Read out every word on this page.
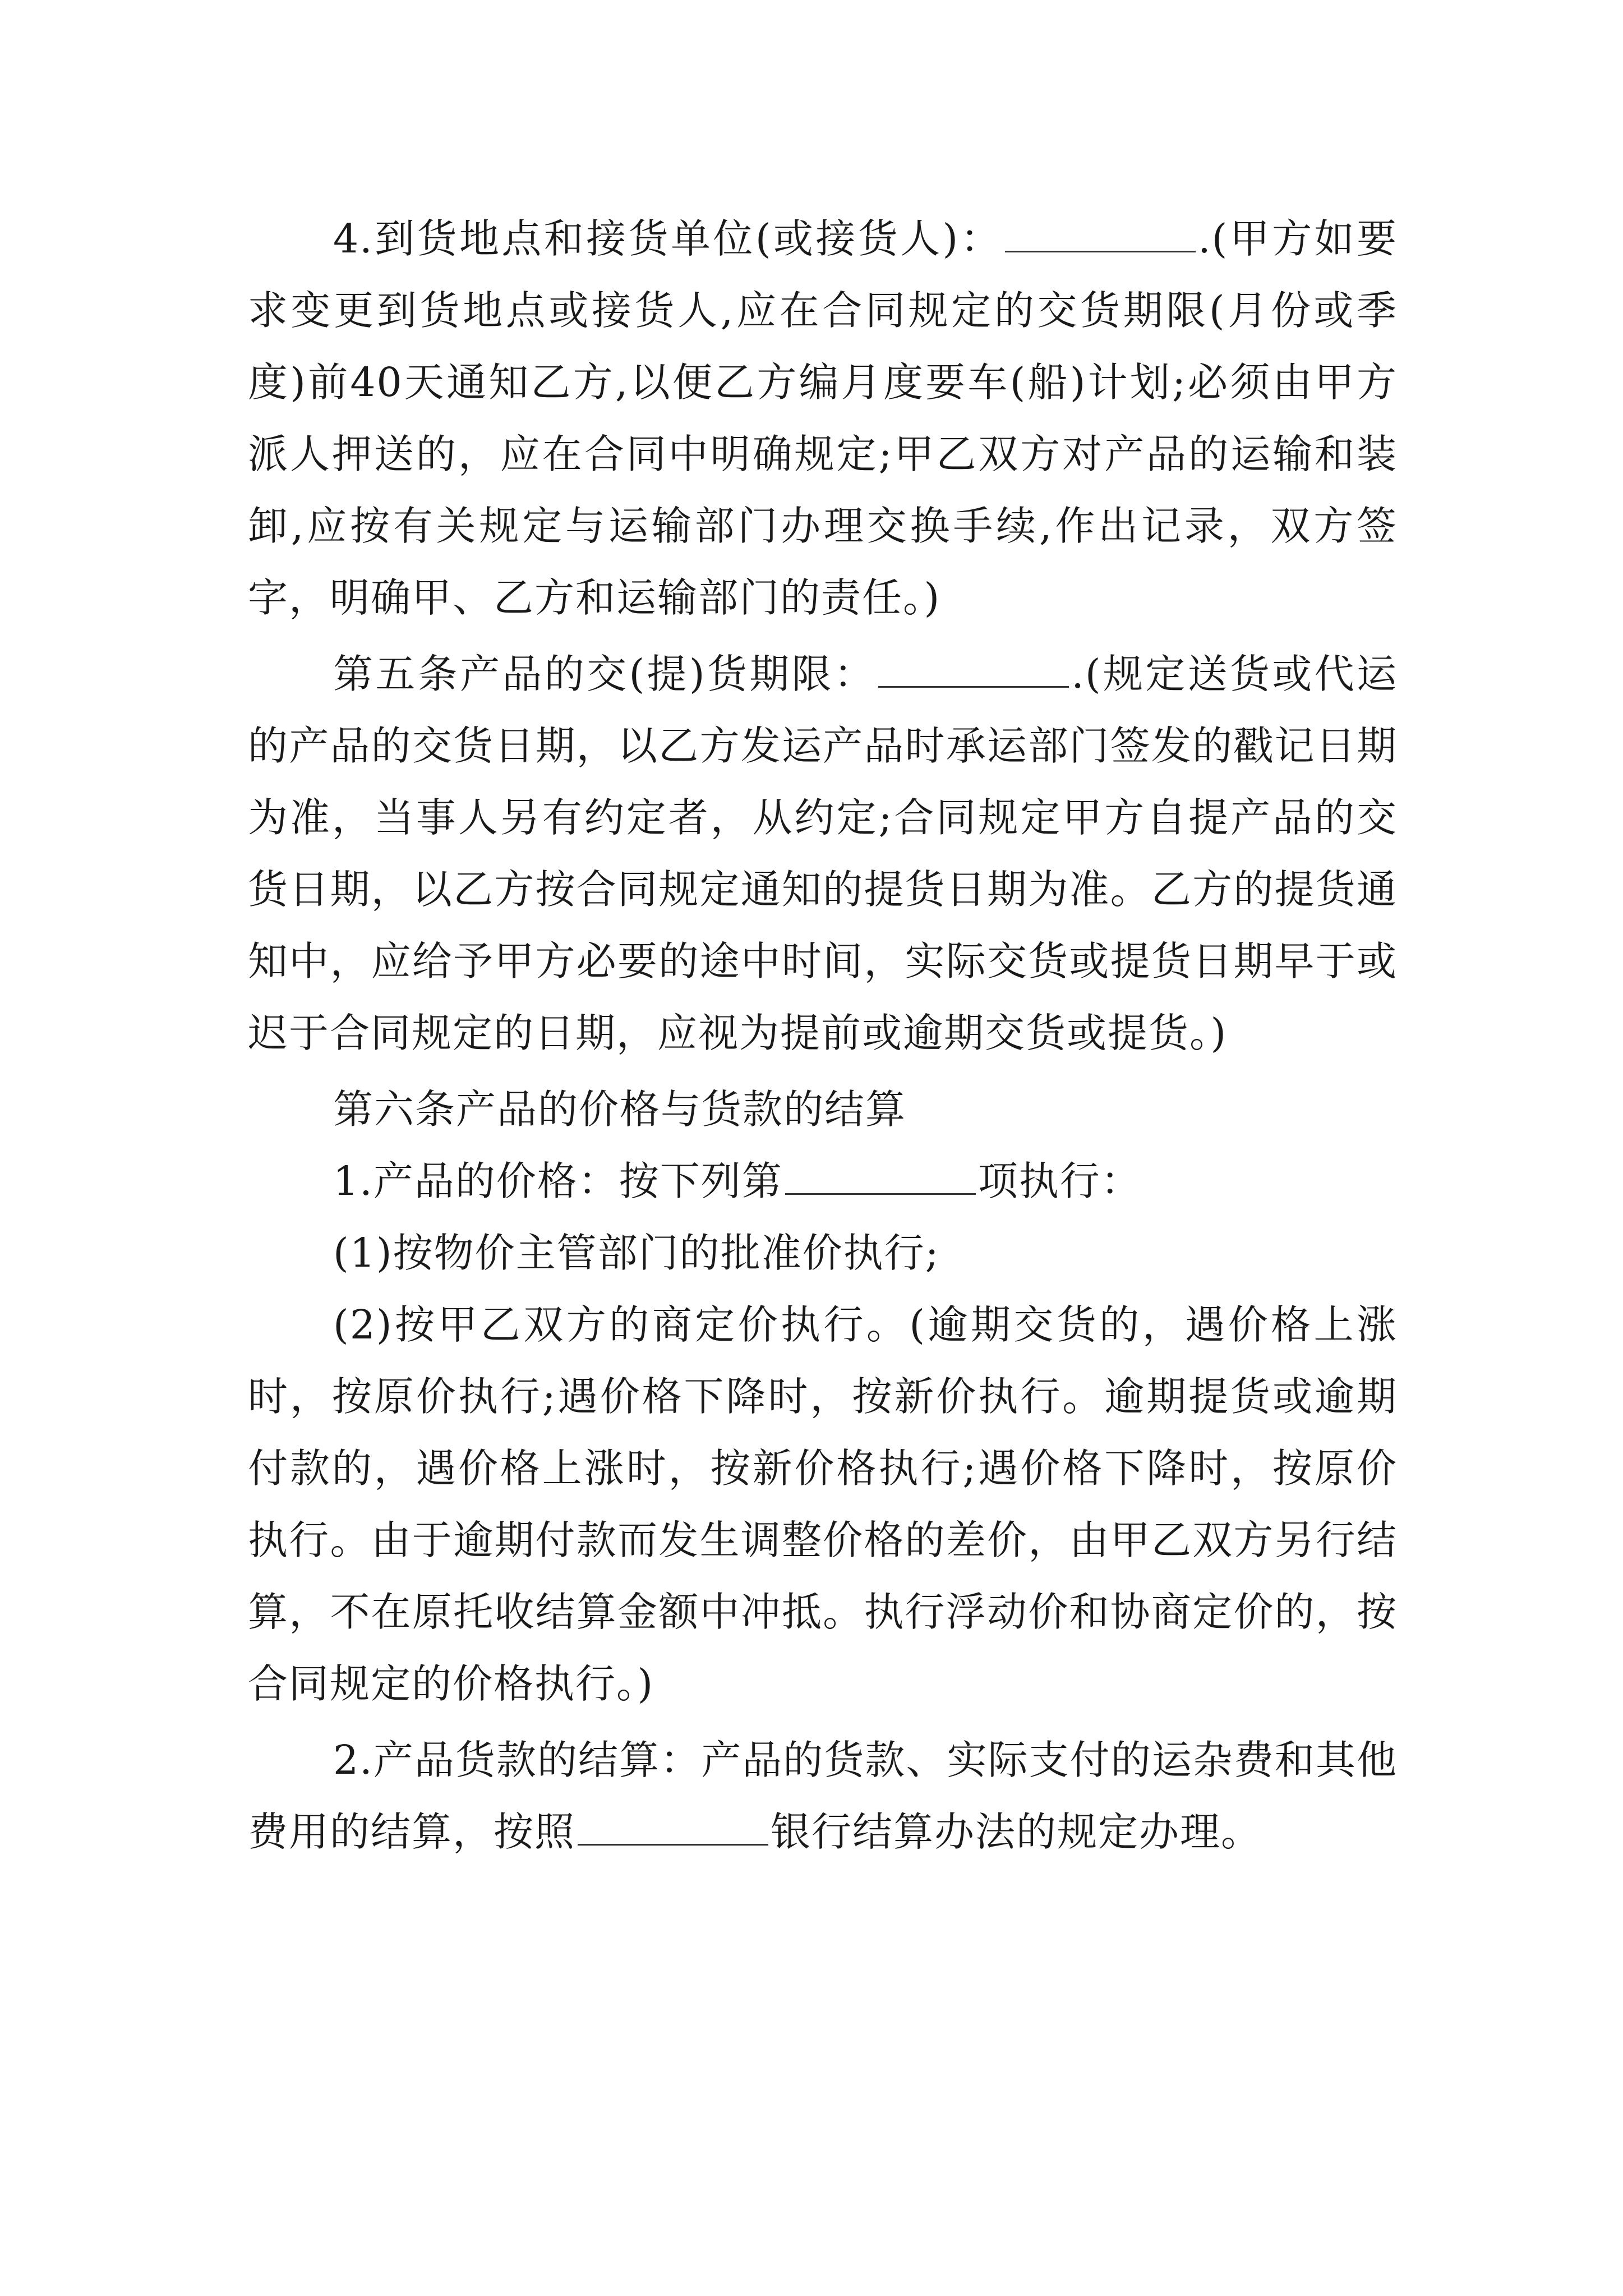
4.到货地点和接货单位(或接货人)：	.(甲方如要求变更到货地点或接货人,应在合同规定的交货期限(月份或季度)前40天通知乙方,以便乙方编月度要车(船)计划;必须由甲方派人押送的，应在合同中明确规定;甲乙双方对产品的运输和装卸,应按有关规定与运输部门办理交换手续,作出记录，双方签字，明确甲、乙方和运输部门的责任。)

第五条产品的交(提)货期限：	.(规定送货或代运的产品的交货日期，以乙方发运产品时承运部门签发的戳记日期为准，当事人另有约定者，从约定;合同规定甲方自提产品的交货日期，以乙方按合同规定通知的提货日期为准。乙方的提货通知中，应给予甲方必要的途中时间，实际交货或提货日期早于或迟于合同规定的日期，应视为提前或逾期交货或提货。)

第六条产品的价格与货款的结算

1.产品的价格：按下列第	项执行：

(1)按物价主管部门的批准价执行;

(2)按甲乙双方的商定价执行。(逾期交货的，遇价格上涨时，按原价执行;遇价格下降时，按新价执行。逾期提货或逾期付款的，遇价格上涨时，按新价格执行;遇价格下降时，按原价执行。由于逾期付款而发生调整价格的差价，由甲乙双方另行结算，不在原托收结算金额中冲抵。执行浮动价和协商定价的，按合同规定的价格执行。)

2.产品货款的结算：产品的货款、实际支付的运杂费和其他费用的结算，按照	银行结算办法的规定办理。
